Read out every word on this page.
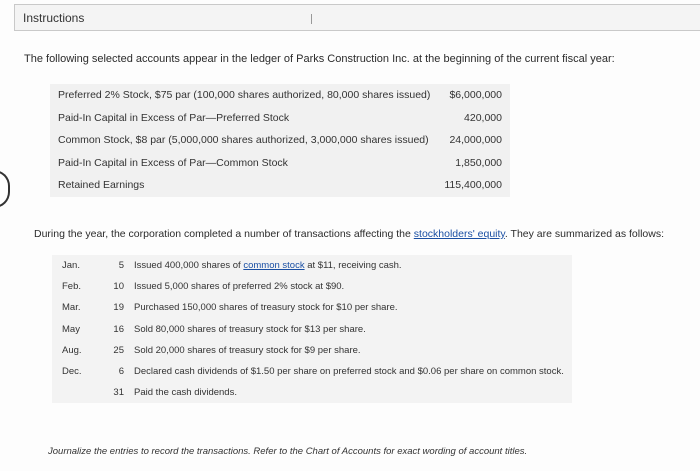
Instructions
The following selected accounts appear in the ledger of Parks Construction Inc. at the beginning of the current fiscal year:
Preferred 2% Stock, $75 par (100,000 shares authorized, 80,000 shares issued) $6,000,000
Paid-In Capital in Excess of Par—Preferred Stock	420,000
Common Stock, $8 par (5,000,000 shares authorized, 3,000,000 shares issued) 24,000,000
Paid-In Capital in Excess of Par—Common Stock	1,850,000
Retained Earnings	115,400,000
During the year, the corporation completed a number of transactions affecting the stockholders' equity. They are summarized as follows:
Jan.	5 Issued 400,000 shares of common stock at $11, receiving cash.
Feb.	10 Issued 5,000 shares of preferred 2% stock at $90.
Mar.	19 Purchased 150,000 shares of treasury stock for $10 per share.
May	16 Sold 80,000 shares of treasury stock for $13 per share.
Aug.	25 Sold 20,000 shares of treasury stock for $9 per share.
Dec.	6 Declared cash dividends of $1.50 per share on preferred stock and $0.06 per share on common stock.
31 Paid the cash dividends.
Journalize the entries to record the transactions. Refer to the Chart of Accounts for exact wording of account titles.
